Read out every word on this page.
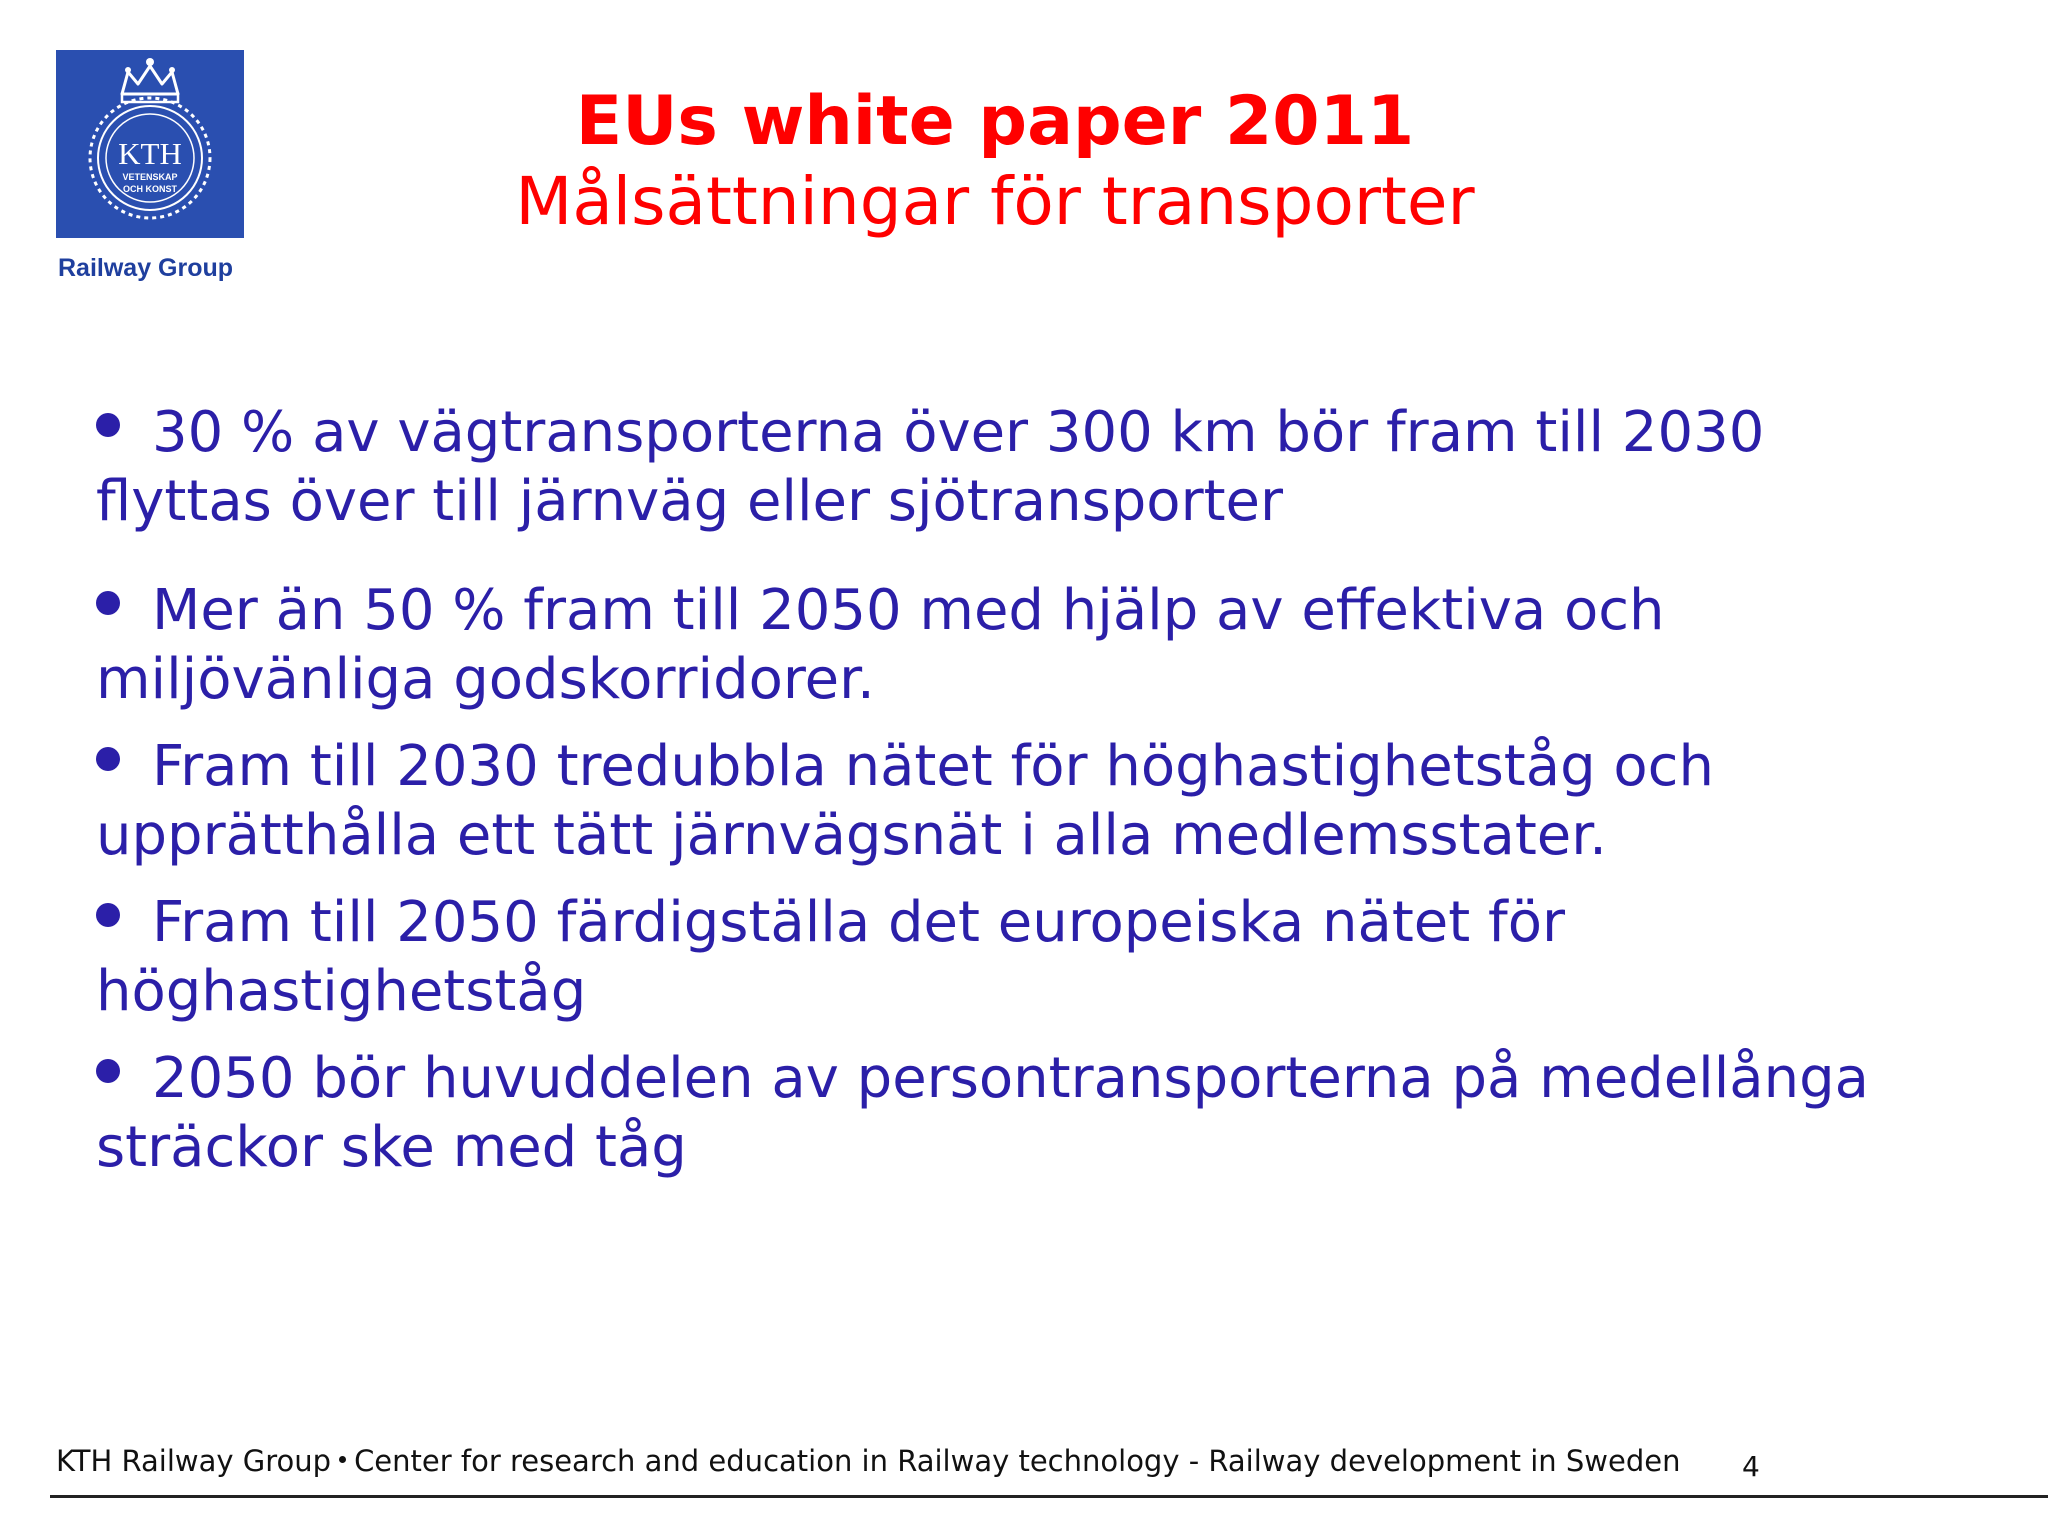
KTH
VETENSKAP
OCH KONST
Railway Group
EUs white paper 2011
Målsättningar för transporter
30 % av vägtransporterna över 300 km bör fram till 2030
flyttas över till järnväg eller sjötransporter
Mer än 50 % fram till 2050 med hjälp av effektiva och
miljövänliga godskorridorer.
Fram till 2030 tredubbla nätet för höghastighetståg och
upprätthålla ett tätt järnvägsnät i alla medlemsstater.
Fram till 2050 färdigställa det europeiska nätet för
höghastighetståg
2050 bör huvuddelen av persontransporterna på medellånga
sträckor ske med tåg
KTH Railway Group Center for research and education in Railway technology - Railway development in Sweden 4
